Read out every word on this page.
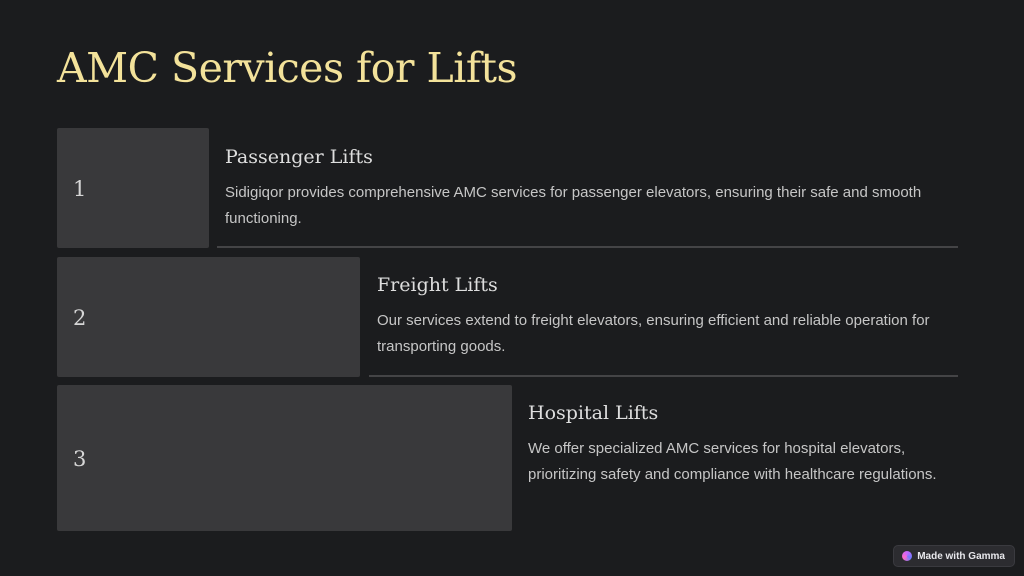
AMC Services for Lifts
1
Passenger Lifts

Sidigiqor provides comprehensive AMC services for passenger elevators, ensuring their safe and smooth functioning.

2
Freight Lifts

Our services extend to freight elevators, ensuring efficient and reliable operation for transporting goods.

3
Hospital Lifts

We offer specialized AMC services for hospital elevators, prioritizing safety and compliance with healthcare regulations.

Made with Gamma
